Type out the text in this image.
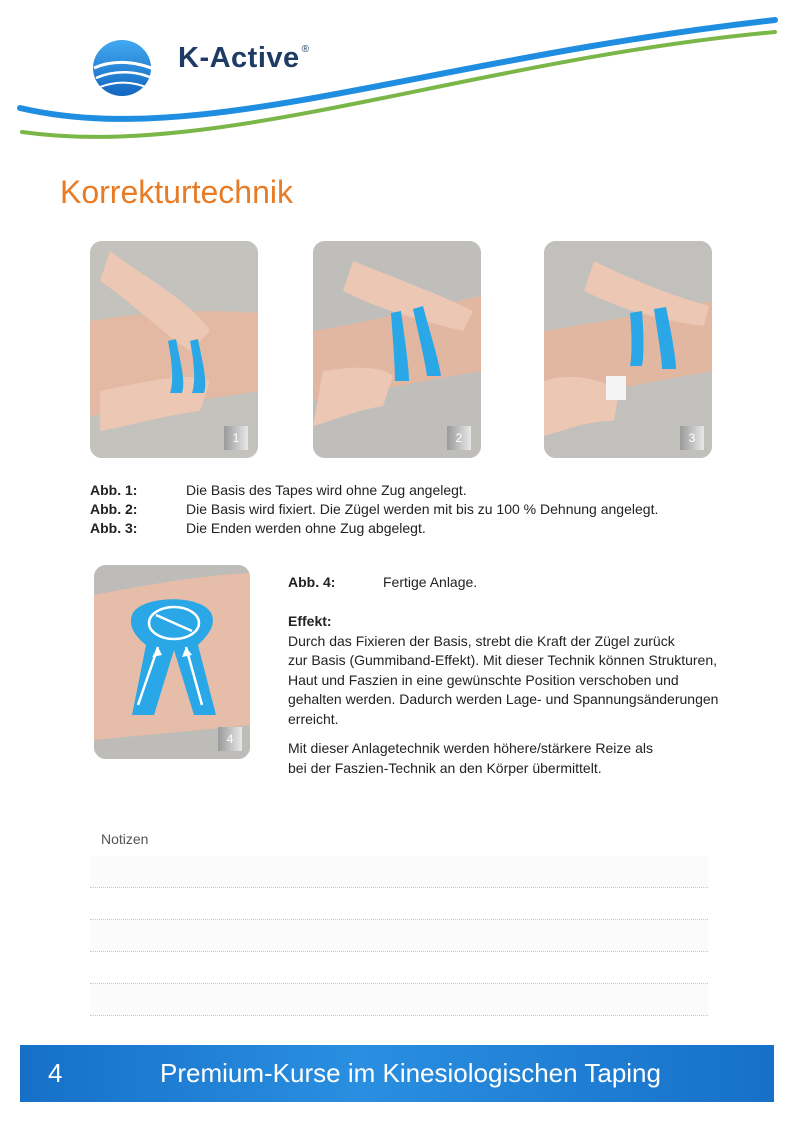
K-Active ®
Korrekturtechnik
1	2	3
Abb. 1:	Die Basis des Tapes wird ohne Zug angelegt.
Abb. 2:	Die Basis wird fixiert. Die Zügel werden mit bis zu 100 % Dehnung angelegt.
Abb. 3:	Die Enden werden ohne Zug abgelegt.
4

Abb. 4:	Fertige Anlage.

Effekt:

Durch das Fixieren der Basis, strebt die Kraft der Zügel zurück

zur Basis (Gummiband-Effekt). Mit dieser Technik können Strukturen,

Haut und Faszien in eine gewünschte Position verschoben und

gehalten werden. Dadurch werden Lage- und Spannungsänderungen

erreicht.

Mit dieser Anlagetechnik werden höhere/stärkere Reize als

bei der Faszien-Technik an den Körper übermittelt.

Notizen
4	Premium-Kurse im Kinesiologischen Taping
